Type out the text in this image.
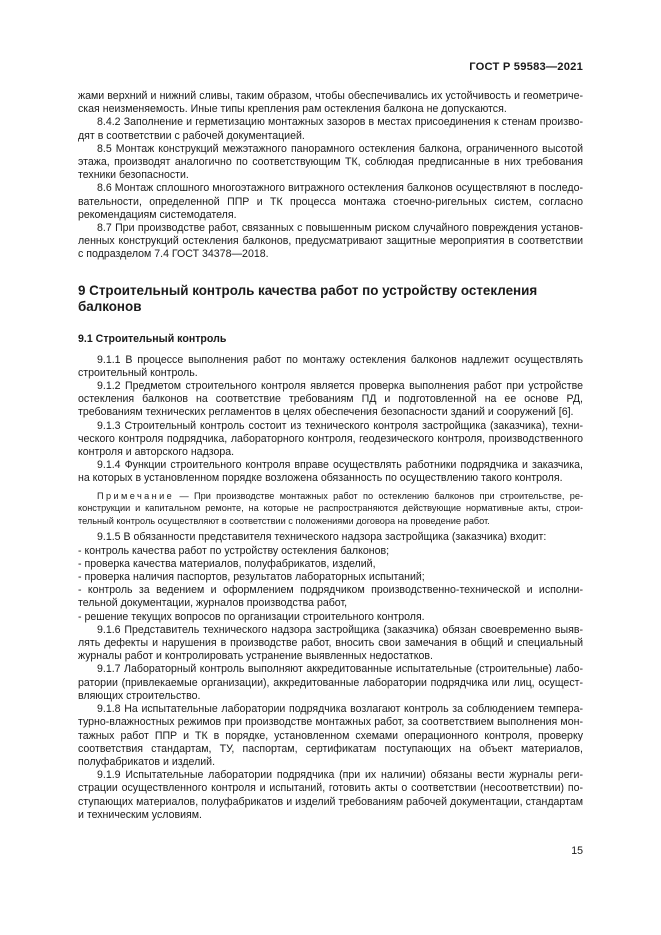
ГОСТ Р 59583—2021

жами верхний и нижний сливы, таким образом, чтобы обеспечивались их устойчивость и геометрическая неизменяемость. Иные типы крепления рам остекления балкона не допускаются.

8.4.2 Заполнение и герметизацию монтажных зазоров в местах присоединения к стенам производят в соответствии с рабочей документацией.

8.5 Монтаж конструкций межэтажного панорамного остекления балкона, ограниченного высотой этажа, производят аналогично по соответствующим ТК, соблюдая предписанные в них требования техники безопасности.

8.6 Монтаж сплошного многоэтажного витражного остекления балконов осуществляют в последовательности, определенной ППР и ТК процесса монтажа стоечно-ригельных систем, согласно рекомендациям системодателя.

8.7 При производстве работ, связанных с повышенным риском случайного повреждения установленных конструкций остекления балконов, предусматривают защитные мероприятия в соответствии с подразделом 7.4 ГОСТ 34378—2018.

9 Строительный контроль качества работ по устройству остекления балконов
9.1 Строительный контроль

9.1.1 В процессе выполнения работ по монтажу остекления балконов надлежит осуществлять строительный контроль.

9.1.2 Предметом строительного контроля является проверка выполнения работ при устройстве остекления балконов на соответствие требованиям ПД и подготовленной на ее основе РД, требованиям технических регламентов в целях обеспечения безопасности зданий и сооружений [6].

9.1.3 Строительный контроль состоит из технического контроля застройщика (заказчика), технического контроля подрядчика, лабораторного контроля, геодезического контроля, производственного контроля и авторского надзора.

9.1.4 Функции строительного контроля вправе осуществлять работники подрядчика и заказчика, на которых в установленном порядке возложена обязанность по осуществлению такого контроля.

Примечание — При производстве монтажных работ по остеклению балконов при строительстве, реконструкции и капитальном ремонте, на которые не распространяются действующие нормативные акты, строительный контроль осуществляют в соответствии с положениями договора на проведение работ.

9.1.5 В обязанности представителя технического надзора застройщика (заказчика) входит:

- контроль качества работ по устройству остекления балконов;

- проверка качества материалов, полуфабрикатов, изделий,

- проверка наличия паспортов, результатов лабораторных испытаний;

- контроль за ведением и оформлением подрядчиком производственно-технической и исполнительной документации, журналов производства работ,

- решение текущих вопросов по организации строительного контроля.

9.1.6 Представитель технического надзора застройщика (заказчика) обязан своевременно выявлять дефекты и нарушения в производстве работ, вносить свои замечания в общий и специальный журналы работ и контролировать устранение выявленных недостатков.

9.1.7 Лабораторный контроль выполняют аккредитованные испытательные (строительные) лаборатории (привлекаемые организации), аккредитованные лаборатории подрядчика или лиц, осуществляющих строительство.

9.1.8 На испытательные лаборатории подрядчика возлагают контроль за соблюдением температурно-влажностных режимов при производстве монтажных работ, за соответствием выполнения монтажных работ ППР и ТК в порядке, установленном схемами операционного контроля, проверку соответствия стандартам, ТУ, паспортам, сертификатам поступающих на объект материалов, полуфабрикатов и изделий.

9.1.9 Испытательные лаборатории подрядчика (при их наличии) обязаны вести журналы регистрации осуществленного контроля и испытаний, готовить акты о соответствии (несоответствии) поступающих материалов, полуфабрикатов и изделий требованиям рабочей документации, стандартам и техническим условиям.

15
